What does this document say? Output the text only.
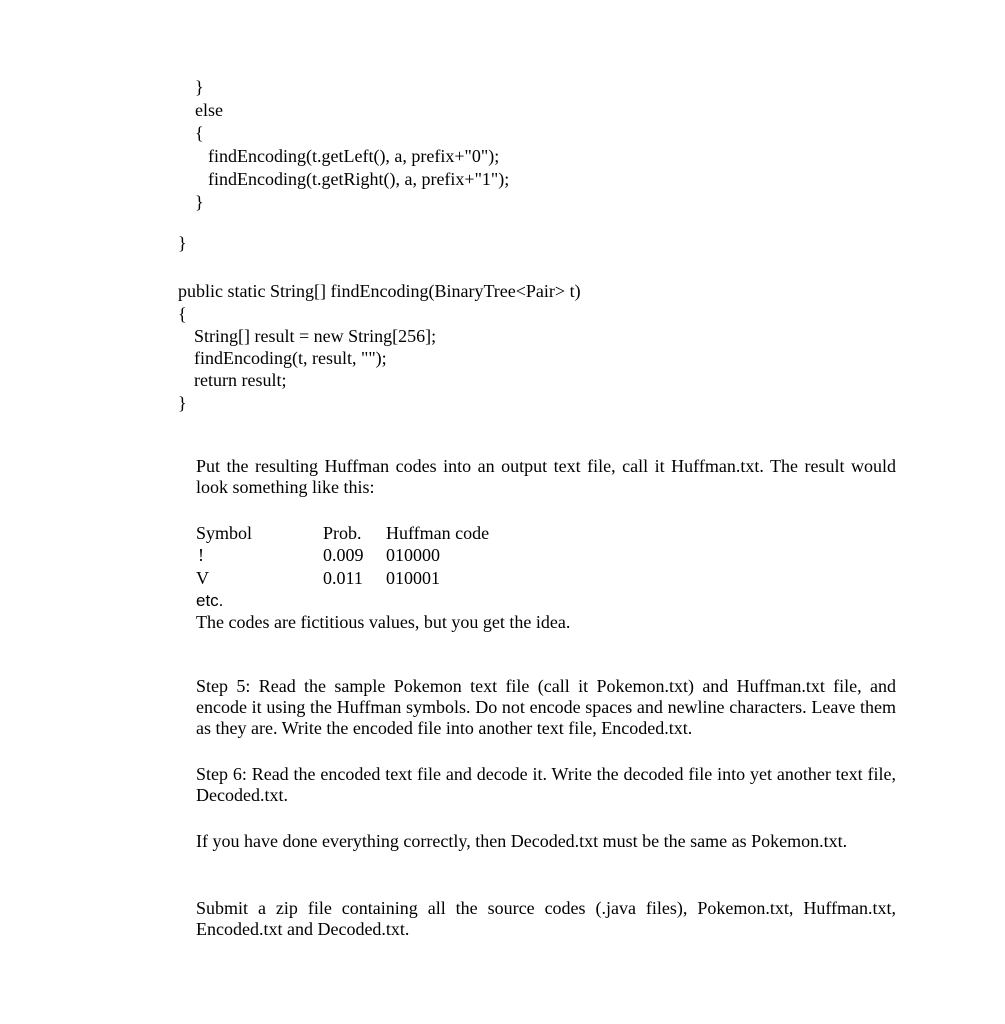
}
else
{
findEncoding(t.getLeft(), a, prefix+"0");
findEncoding(t.getRight(), a, prefix+"1");
}
}
public static String[] findEncoding(BinaryTree<Pair> t)
{
String[] result = new String[256];
findEncoding(t, result, "");
return result;
}
Put the resulting Huffman codes into an output text file, call it Huffman.txt. The result would look something like this:
Symbol	Prob. Huffman code
!	0.009 010000
V	0.011 010001
etc.
The codes are fictitious values, but you get the idea.
Step 5: Read the sample Pokemon text file (call it Pokemon.txt) and Huffman.txt file, and encode it using the Huffman symbols. Do not encode spaces and newline characters. Leave them as they are. Write the encoded file into another text file, Encoded.txt.
Step 6: Read the encoded text file and decode it. Write the decoded file into yet another text file, Decoded.txt.
If you have done everything correctly, then Decoded.txt must be the same as Pokemon.txt.
Submit a zip file containing all the source codes (.java files), Pokemon.txt, Huffman.txt, Encoded.txt and Decoded.txt.
